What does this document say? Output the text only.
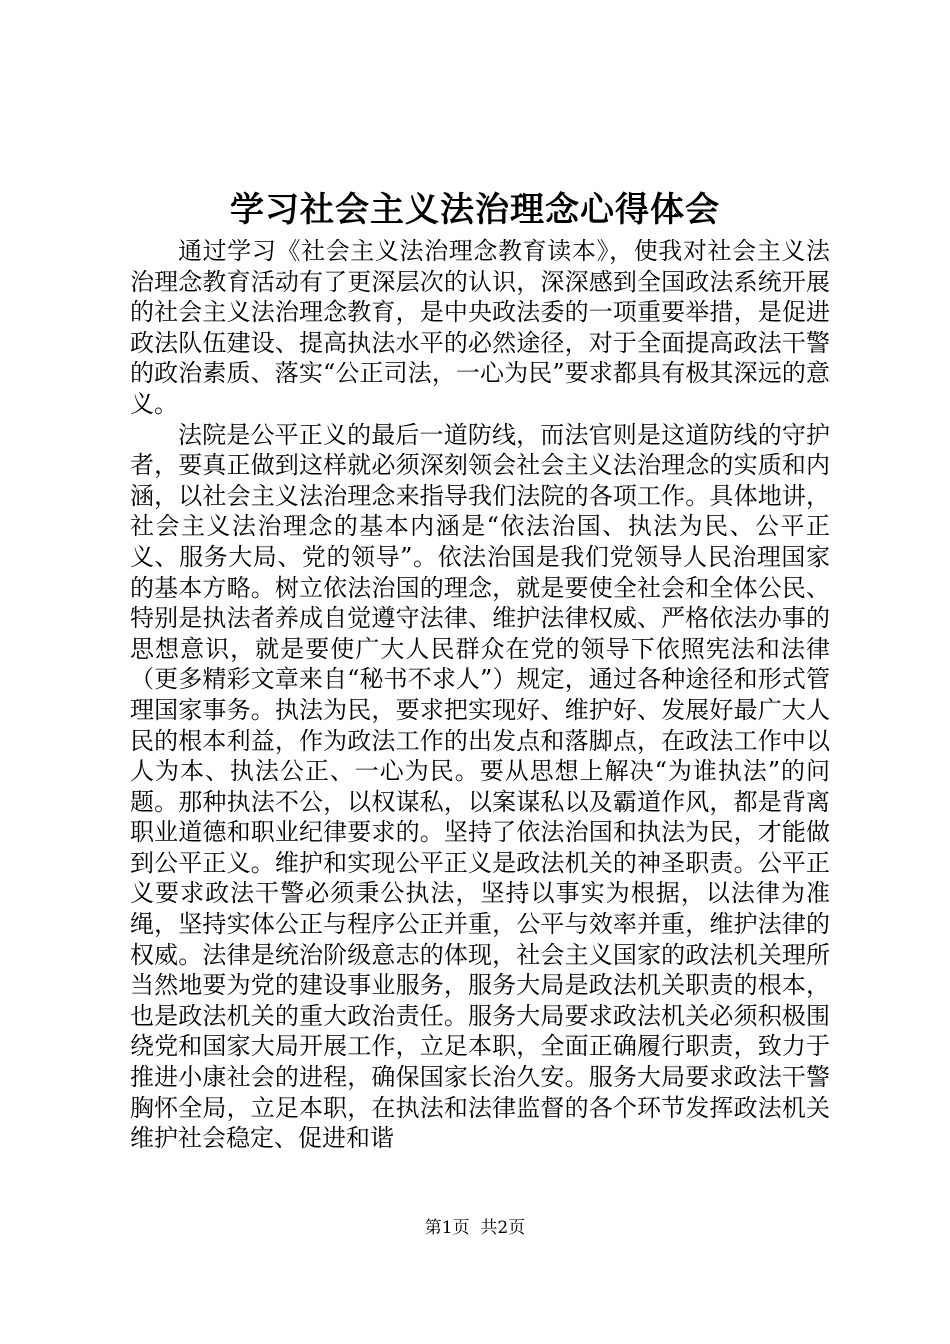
学习社会主义法治理念心得体会

通过学习《社会主义法治理念教育读本》，使我对社会主义法治理念教育活动有了更深层次的认识，深深感到全国政法系统开展的社会主义法治理念教育，是中央政法委的一项重要举措，是促进政法队伍建设、提高执法水平的必然途径，对于全面提高政法干警的政治素质、落实“公正司法，一心为民”要求都具有极其深远的意义。

法院是公平正义的最后一道防线，而法官则是这道防线的守护者，要真正做到这样就必须深刻领会社会主义法治理念的实质和内涵，以社会主义法治理念来指导我们法院的各项工作。具体地讲，社会主义法治理念的基本内涵是“依法治国、执法为民、公平正义、服务大局、党的领导”。依法治国是我们党领导人民治理国家的基本方略。树立依法治国的理念，就是要使全社会和全体公民、特别是执法者养成自觉遵守法律、维护法律权威、严格依法办事的思想意识，就是要使广大人民群众在党的领导下依照宪法和法律（更多精彩文章来自“秘书不求人”）规定，通过各种途径和形式管理国家事务。执法为民，要求把实现好、维护好、发展好最广大人民的根本利益，作为政法工作的出发点和落脚点，在政法工作中以人为本、执法公正、一心为民。要从思想上解决“为谁执法”的问题。那种执法不公，以权谋私，以案谋私以及霸道作风，都是背离职业道德和职业纪律要求的。坚持了依法治国和执法为民，才能做到公平正义。维护和实现公平正义是政法机关的神圣职责。公平正义要求政法干警必须秉公执法，坚持以事实为根据，以法律为准绳，坚持实体公正与程序公正并重，公平与效率并重，维护法律的权威。法律是统治阶级意志的体现，社会主义国家的政法机关理所当然地要为党的建设事业服务，服务大局是政法机关职责的根本，也是政法机关的重大政治责任。服务大局要求政法机关必须积极围绕党和国家大局开展工作，立足本职，全面正确履行职责，致力于推进小康社会的进程，确保国家长治久安。服务大局要求政法干警胸怀全局，立足本职，在执法和法律监督的各个环节发挥政法机关维护社会稳定、促进和谐

第1页  共2页
